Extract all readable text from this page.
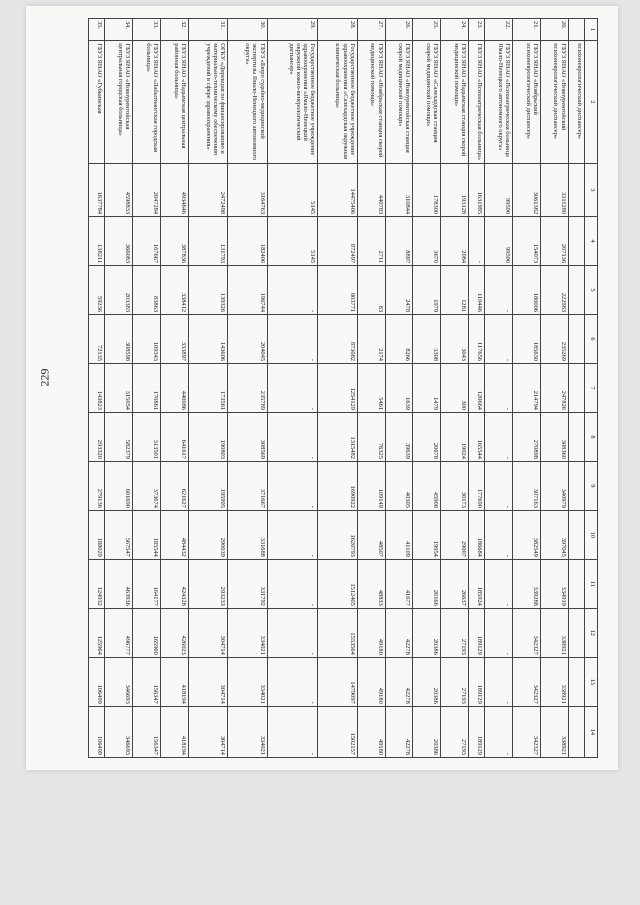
229
1	2	3	4	5	6	7	8	9	10	11	12	13	14
	психоневрологический диспансер»												
20.	ГБУЗ ЯНАО «Новоуренгойский психоневрологический диспансер»	3311280	207136	222983	235269	247826	308360	340979	397045	334919	338921	338921	338921
21.	ГБУЗ ЯНАО «Ноябрьский психоневрологический диспансер»	3061382	154073	180006	185630	214794	270898	307163	382549	339288	342327	342327	342327
22.	ГБУЗ ЯНАО «Психиатрическая больница Ямало-Ненецкого автономного округа»	99590	99590	-	-	-	-	-	-	-	-	-	-
23.	ГБУЗ ЯНАО «Психиатрическая больница»	1631995	-	110446	117656	120664	165544	177690	186684	185924	189129	189129	189129
24.	ГБУЗ ЯНАО «Надымская станция скорой медицинской помощи»	193128	2084	1281	3043	300	19024	30173	29007	26637	27193	27193	27193
25.	ГБУЗ ЯНАО «Салехардская станция скорой медицинской помощи»	178300	3670	1979	3308	1479	20678	45908	19954	20166	20386	20386	20386
26.	ГБУЗ ЯНАО «Новоуренгойская станция скорой медицинской помощи»	310844	8897	2478	8266	1639	39639	40305	41109	41677	42278	42278	42278
27.	ГБУЗ ЯНАО «Ноябрьская станция скорой медицинской помощи»	440783	2711	83	2174	5461	76325	109149	48507	48833	49180	49180	49180
28.	Государственное бюджетное учреждение здравоохранения «Салехардская окружная клиническая больница»	14475406	872497	803771	873082	1254129	1315482	1690922	1620793	1512405	1553564	1479097	1502157
29.	Государственное бюджетное учреждение здравоохранения «Ямало-Ненецкий окружной кожно-венерологический диспансер»	5145	5145	-	-	-	-	-	-	-	-	-	-
30.	ГБУЗ «Бюро судебно-медицинской экспертизы Ямало-Ненецкого автономного округа»	3164763	182406	196744	204045	235789	308569	371667	331688	331792	334021	334021	334021
31.	ОГКУ «Дирекция по финансированию и материально-техническому обеспечению учреждений в сфере здравоохранения»	2472498	131793	139326	143606	173561	190803	195995	290039	293233	304714	304714	304714
32.	ГБУЗ ЯНАО «Надымская центральная районная больница»	4934646	387836	338412	333897	440086	641617	621627	484432	424328	426023	418194	418194
33.	ГБУЗ ЯНАО «Лабытнангская городская больница»	2047284	167667	83863	109343	170861	313501	373674	185544	164177	165960	156347	156347
34.	ГБУЗ ЯНАО «Новоуренгойская центральная городская больница»	4598833	366083	203383	308598	315054	582379	601690	567547	463936	496777	346693	346693
35.	ГБУЗ ЯНАО «Губкинская	1637784	138211	59236	72135	143823	293320	279136	188029	124932	125964	106499	106499
